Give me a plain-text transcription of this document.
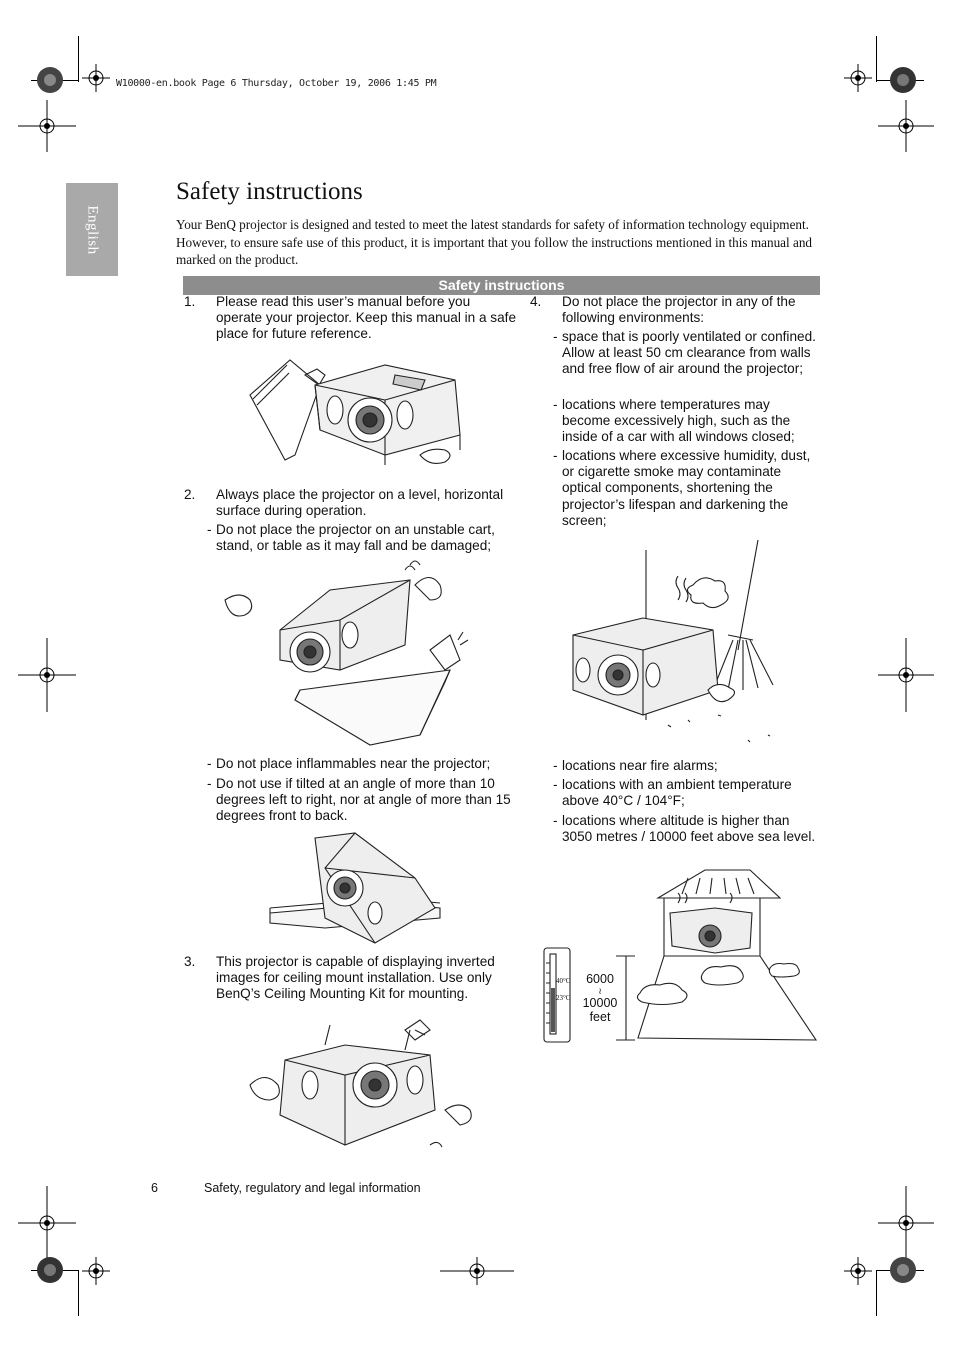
W10000-en.book Page 6 Thursday, October 19, 2006 1:45 PM
English
Safety instructions
Your BenQ projector is designed and tested to meet the latest standards for safety of information technology equipment. However, to ensure safe use of this product, it is important that you follow the instructions mentioned in this manual and marked on the product.
Safety instructions
1.	Please read this user’s manual before you operate your projector. Keep this manual in a safe place for future reference.
2.	Always place the projector on a level, horizontal surface during operation.
- Do not place the projector on an unstable cart, stand, or table as it may fall and be damaged;
- Do not place inflammables near the projector;
- Do not use if tilted at an angle of more than 10 degrees left to right, nor at angle of more than 15 degrees front to back.
3.	This projector is capable of displaying inverted images for ceiling mount installation. Use only BenQ’s Ceiling Mounting Kit for mounting.
4.	Do not place the projector in any of the following environments:
- space that is poorly ventilated or confined. Allow at least 50 cm clearance from walls and free flow of air around the projector;
- locations where temperatures may become excessively high, such as the inside of a car with all windows closed;
- locations where excessive humidity, dust, or cigarette smoke may contaminate optical components, shortening the projector’s lifespan and darkening the screen;
- locations near fire alarms;
- locations with an ambient temperature above 40°C / 104°F;
- locations where altitude is higher than 3050 metres / 10000 feet above sea level.
40°C
23°C
6000
≀
10000
feet
6	Safety, regulatory and legal information
